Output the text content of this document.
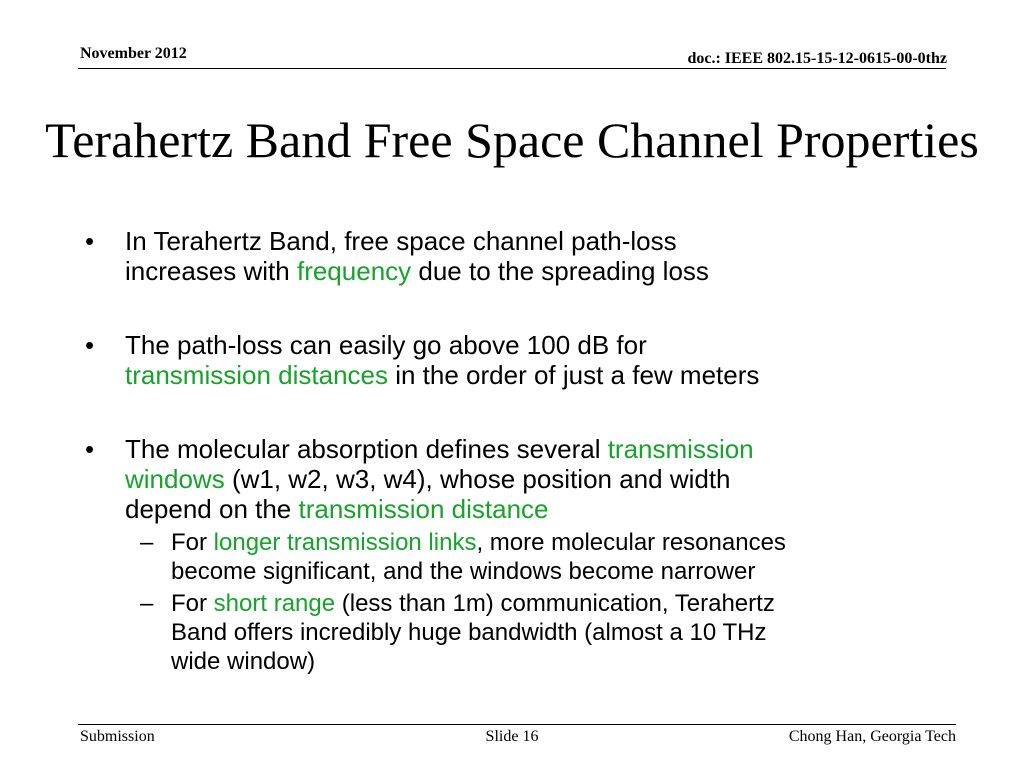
November 2012	doc.: IEEE 802.15-15-12-0615-00-0thz
Terahertz Band Free Space Channel Properties
• In Terahertz Band, free space channel path-loss
increases with frequency due to the spreading loss
• The path-loss can easily go above 100 dB for
transmission distances in the order of just a few meters
• The molecular absorption defines several transmission
windows (w1, w2, w3, w4), whose position and width
depend on the transmission distance
– For longer transmission links, more molecular resonances
become significant, and the windows become narrower
– For short range (less than 1m) communication, Terahertz
Band offers incredibly huge bandwidth (almost a 10 THz
wide window)
Submission	Slide 16	Chong Han, Georgia Tech
